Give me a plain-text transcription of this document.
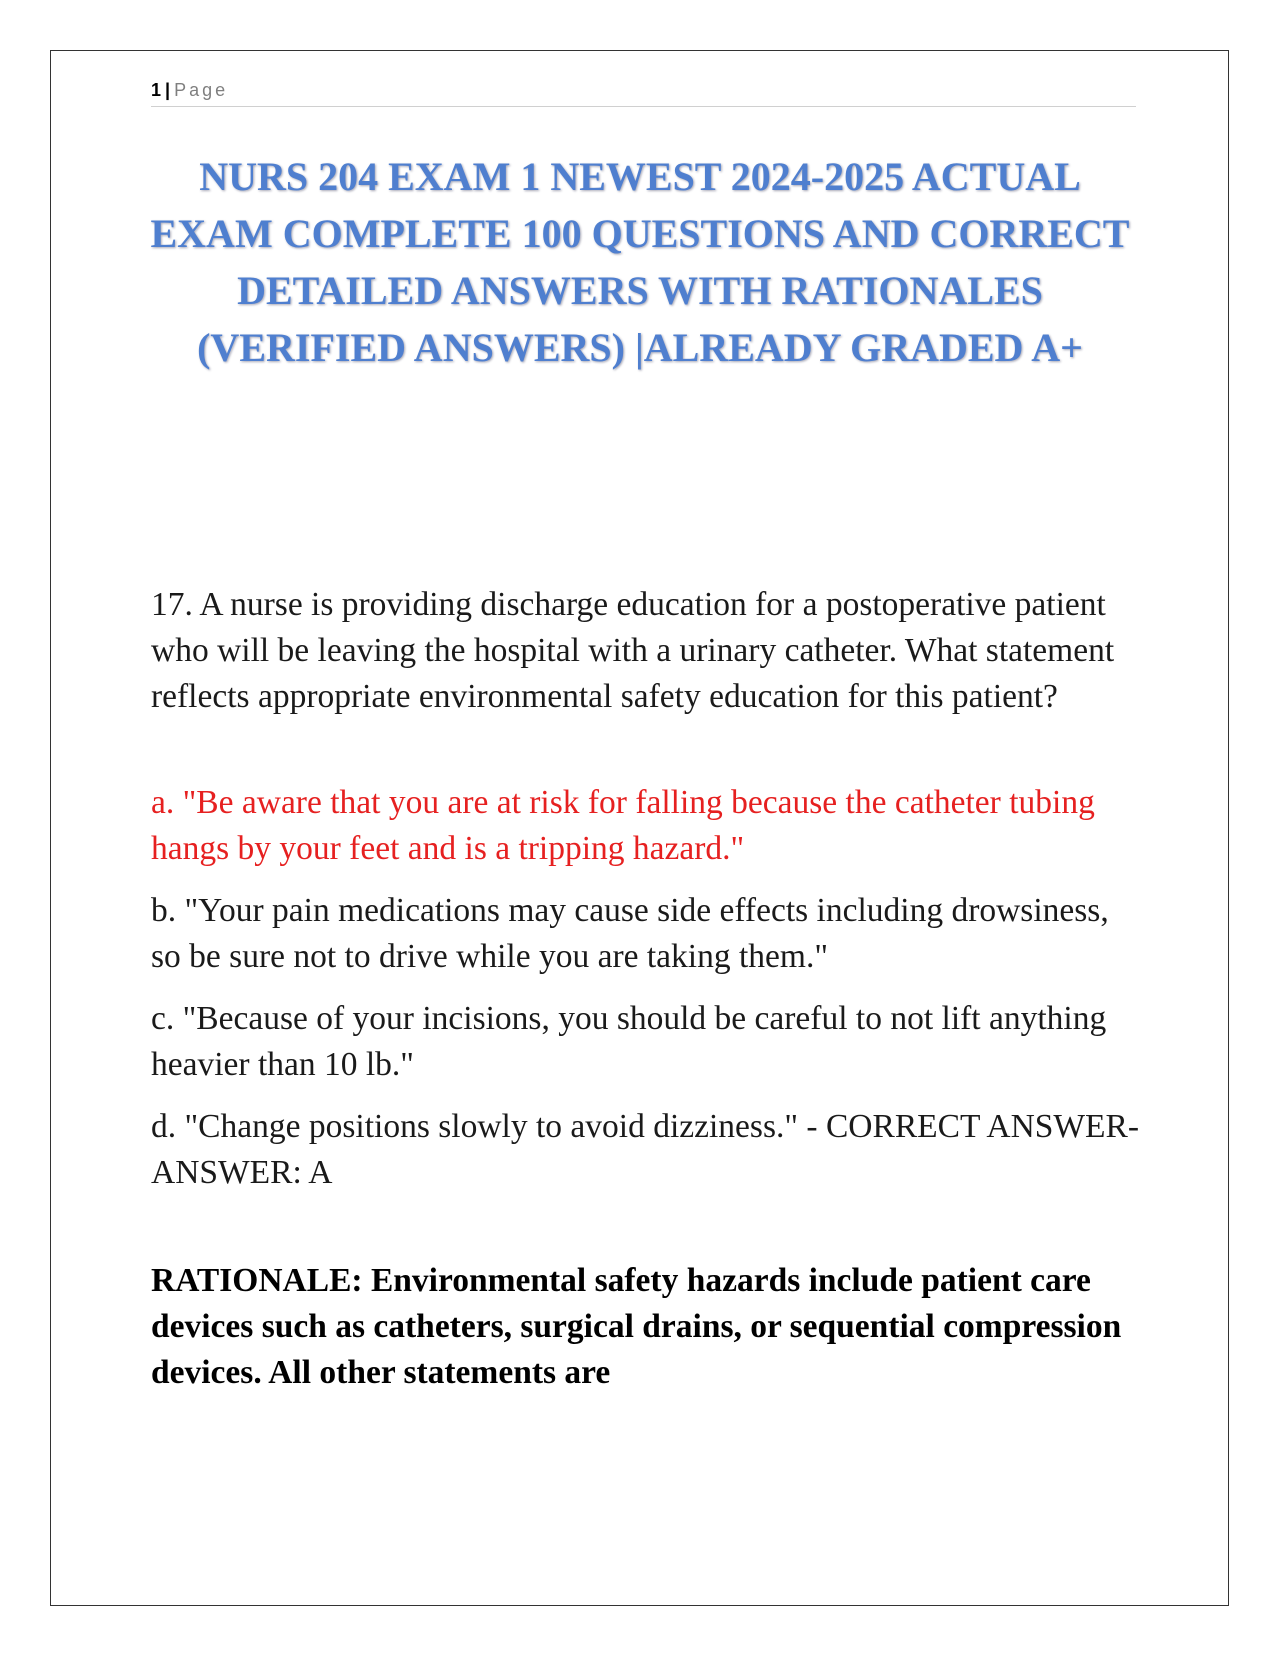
1 | Page
NURS 204 EXAM 1 NEWEST 2024-2025 ACTUAL EXAM COMPLETE 100 QUESTIONS AND CORRECT DETAILED ANSWERS WITH RATIONALES (VERIFIED ANSWERS) |ALREADY GRADED A+

17. A nurse is providing discharge education for a postoperative patient who will be leaving the hospital with a urinary catheter. What statement reflects appropriate environmental safety education for this patient?

a. "Be aware that you are at risk for falling because the catheter tubing hangs by your feet and is a tripping hazard."

b. "Your pain medications may cause side effects including drowsiness, so be sure not to drive while you are taking them."

c. "Because of your incisions, you should be careful to not lift anything heavier than 10 lb."

d. "Change positions slowly to avoid dizziness." - CORRECT ANSWER-ANSWER: A

RATIONALE: Environmental safety hazards include patient care devices such as catheters, surgical drains, or sequential compression devices. All other statements are
